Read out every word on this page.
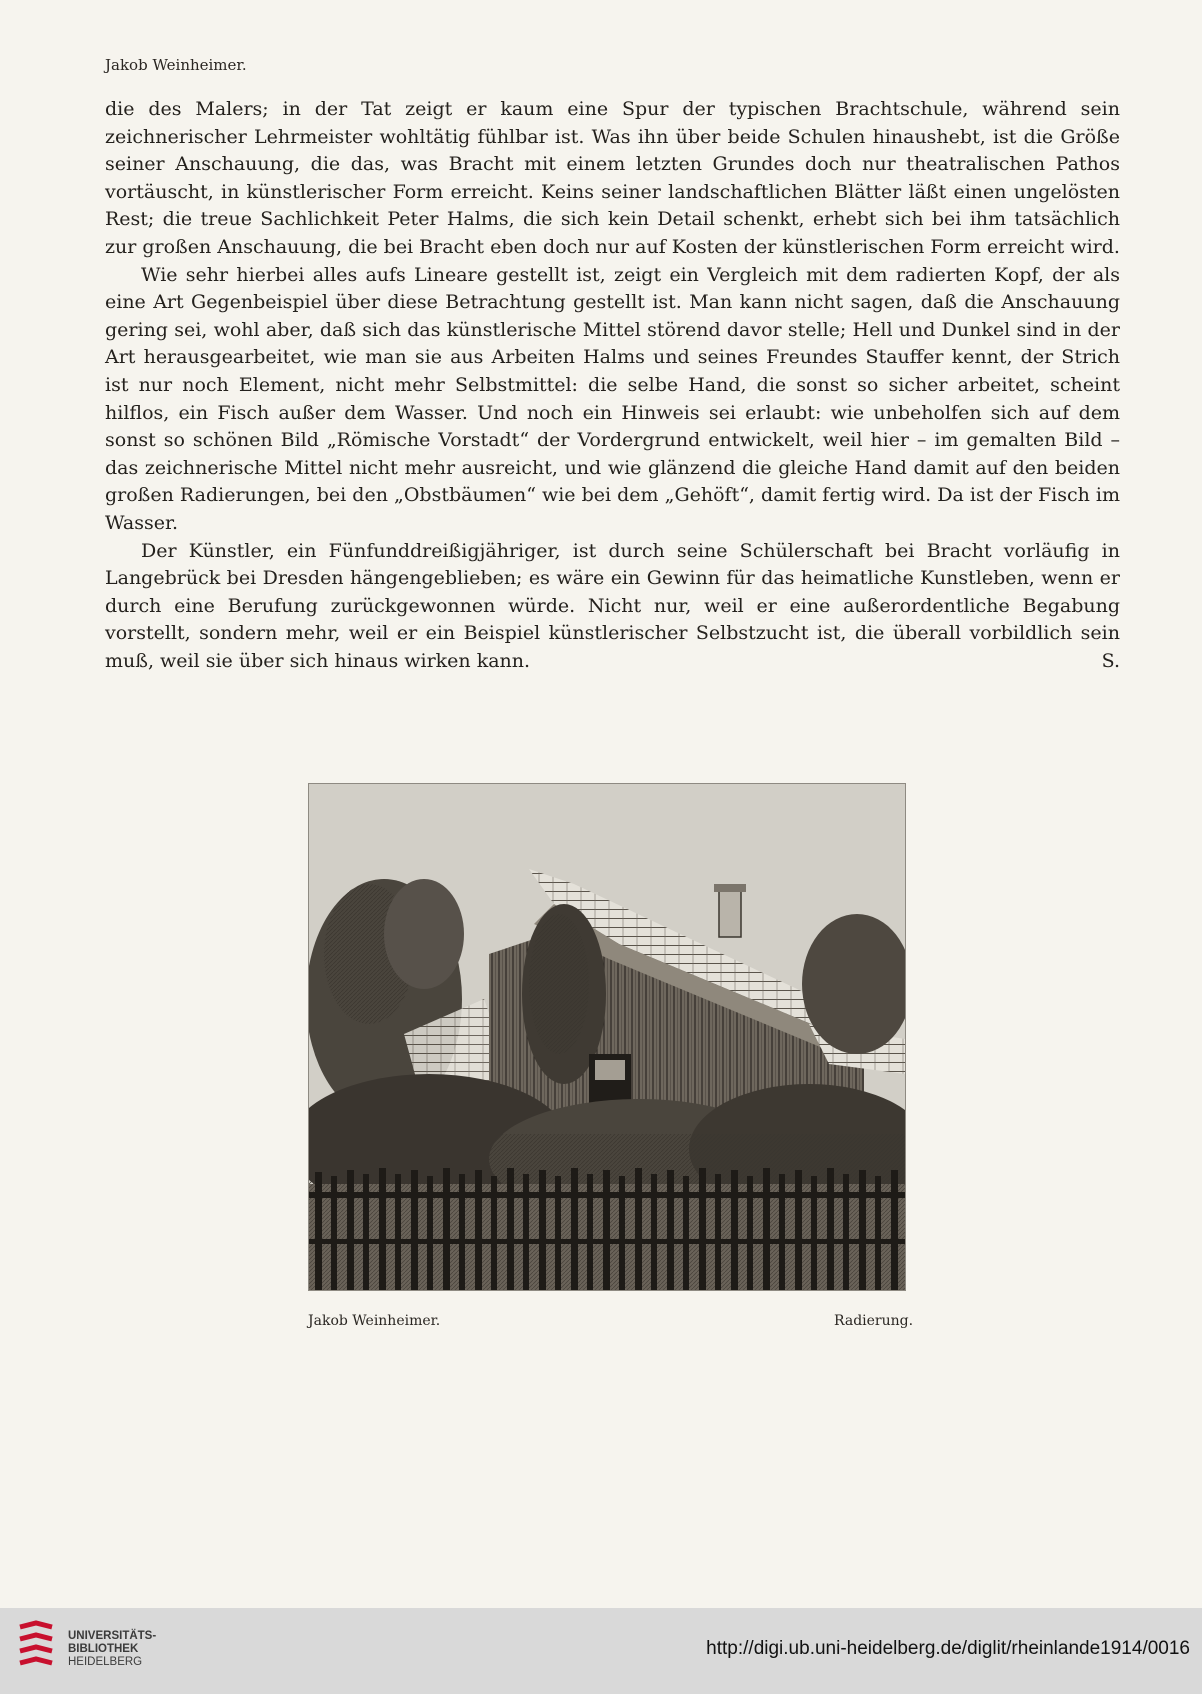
Jakob Weinheimer.

die des Malers; in der Tat zeigt er kaum eine Spur der typischen Brachtschule, während sein zeichnerischer Lehrmeister wohltätig fühlbar ist. Was ihn über beide Schulen hinaushebt, ist die Größe seiner Anschauung, die das, was Bracht mit einem letzten Grundes doch nur theatralischen Pathos vortäuscht, in künstlerischer Form erreicht. Keins seiner landschaftlichen Blätter läßt einen ungelösten Rest; die treue Sachlichkeit Peter Halms, die sich kein Detail schenkt, erhebt sich bei ihm tatsächlich zur großen Anschauung, die bei Bracht eben doch nur auf Kosten der künstlerischen Form erreicht wird.

Wie sehr hierbei alles aufs Lineare gestellt ist, zeigt ein Vergleich mit dem radierten Kopf, der als eine Art Gegenbeispiel über diese Betrachtung gestellt ist. Man kann nicht sagen, daß die Anschauung gering sei, wohl aber, daß sich das künstlerische Mittel störend davor stelle; Hell und Dunkel sind in der Art herausgearbeitet, wie man sie aus Arbeiten Halms und seines Freundes Stauffer kennt, der Strich ist nur noch Element, nicht mehr Selbstmittel: die selbe Hand, die sonst so sicher arbeitet, scheint hilflos, ein Fisch außer dem Wasser. Und noch ein Hinweis sei erlaubt: wie unbeholfen sich auf dem sonst so schönen Bild „Römische Vorstadt“ der Vordergrund entwickelt, weil hier – im gemalten Bild – das zeichnerische Mittel nicht mehr ausreicht, und wie glänzend die gleiche Hand damit auf den beiden großen Radierungen, bei den „Obstbäumen“ wie bei dem „Gehöft“, damit fertig wird. Da ist der Fisch im Wasser.

Der Künstler, ein Fünfunddreißigjähriger, ist durch seine Schülerschaft bei Bracht vorläufig in Langebrück bei Dresden hängengeblieben; es wäre ein Gewinn für das heimatliche Kunstleben, wenn er durch eine Berufung zurückgewonnen würde. Nicht nur, weil er eine außerordentliche Begabung vorstellt, sondern mehr, weil er ein Beispiel künstlerischer Selbstzucht ist, die überall vorbildlich sein muß, weil sie über sich hinaus wirken kann.	S.

Jakob Weinheimer.	Radierung.
UNIVERSITÄTS-
BIBLIOTHEK
HEIDELBERG
http://digi.ub.uni-heidelberg.de/diglit/rheinlande1914/0016
